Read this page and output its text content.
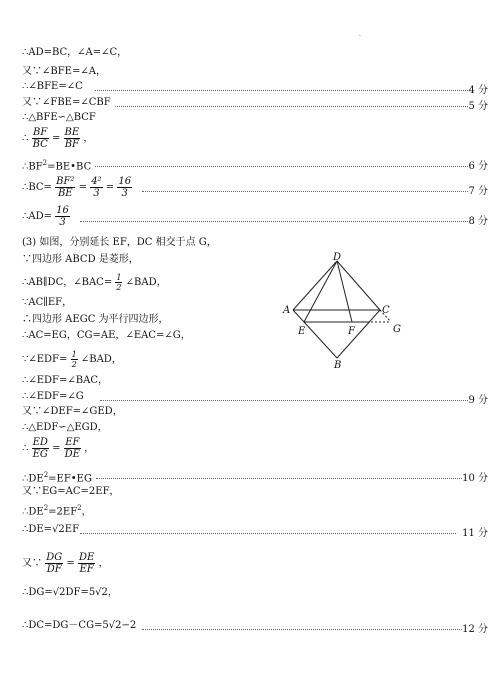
·
∴AD=BC，∠A=∠C，
又∵∠BFE=∠A，
∴∠BFE=∠C	4 分
又∵∠FBE=∠CBF	5 分
∴△BFE∽△BCF
∴ $\frac{BF}{BC} = \frac{BE}{BF}$ ，
$\therefore BF^2=BE•BC$	6 分
∴BC= $\frac{\text{BF²}}{BE} = \frac{\text{4²}}{3} = \frac{16}{3}$	7 分
∴AD= $\frac{16}{3}$	8 分
(3) 如图，分别延长 EF，DC 相交于点 G，
∵四边形 ABCD 是菱形，
∴AB∥DC，∠BAC= $\frac{1}{2}$ ∠BAD，
∵AC∥EF，
∴四边形 AEGC 为平行四边形，
∴AC=EG，CG=AE，∠EAC=∠G，
∵∠EDF= $\frac{1}{2}$ ∠BAD，
∴∠EDF=∠BAC，
∴∠EDF=∠G	9 分
又∵∠DEF=∠GED，
∴△EDF∽△EGD，
∴ $\frac{ED}{EG} = \frac{EF}{DE}$ ，
$\therefore DE^2=EF•EG$	10 分
又∵EG=AC=2EF，
$\therefore DE^2=2EF^2$，
∴DE=√2EF	11 分
又∵ $\frac{DG}{DF} = \frac{DE}{EF}$ ，
∴DG=√2DF=5√2，
∴DC=DG－CG=5√2−2	12 分
D
A	C
E	F	G
B
